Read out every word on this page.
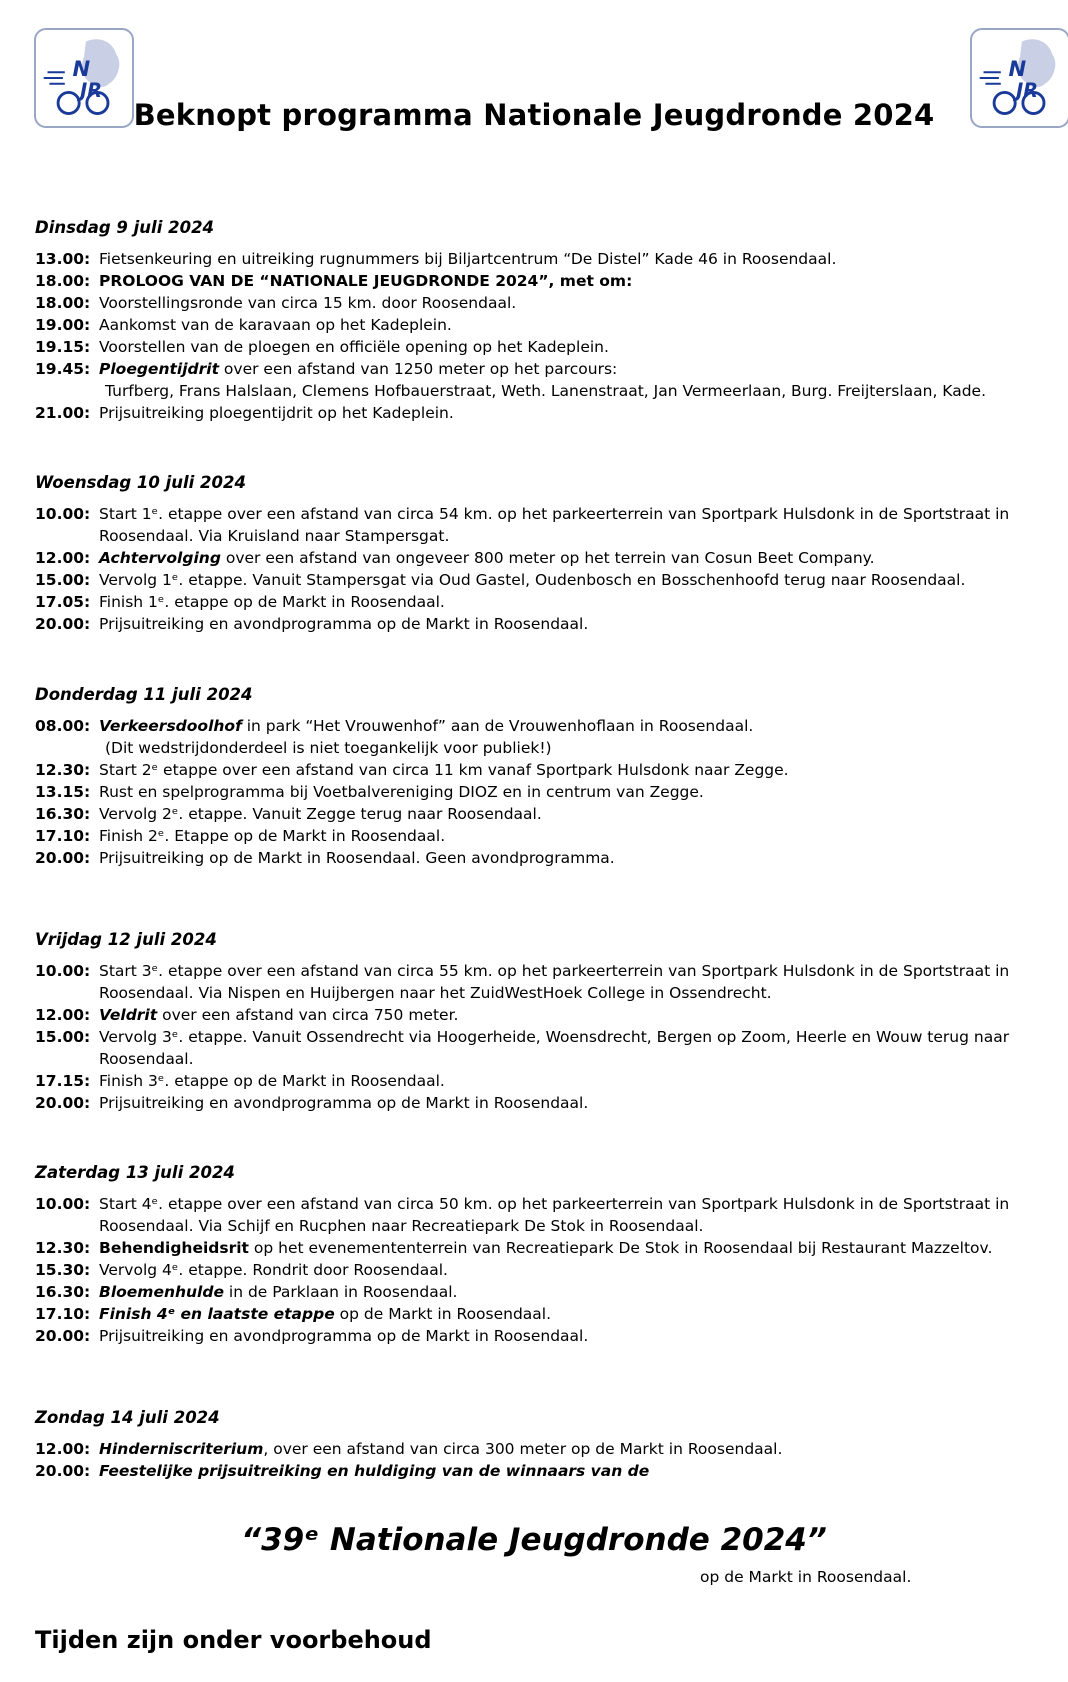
N
JR
N
JR
Beknopt programma Nationale Jeugdronde 2024
Dinsdag 9 juli 2024
13.00: Fietsenkeuring en uitreiking rugnummers bij Biljartcentrum “De Distel” Kade 46 in Roosendaal.
18.00: PROLOOG VAN DE “NATIONALE JEUGDRONDE 2024”, met om:
18.00: Voorstellingsronde van circa 15 km. door Roosendaal.
19.00: Aankomst van de karavaan op het Kadeplein.
19.15: Voorstellen van de ploegen en officiële opening op het Kadeplein.
19.45: Ploegentijdrit over een afstand van 1250 meter op het parcours:
Turfberg, Frans Halslaan, Clemens Hofbauerstraat, Weth. Lanenstraat, Jan Vermeerlaan, Burg. Freijterslaan, Kade.
21.00: Prijsuitreiking ploegentijdrit op het Kadeplein.
Woensdag 10 juli 2024
10.00: Start 1ᵉ. etappe over een afstand van circa 54 km. op het parkeerterrein van Sportpark Hulsdonk in de Sportstraat in
Roosendaal. Via Kruisland naar Stampersgat.
12.00: Achtervolging over een afstand van ongeveer 800 meter op het terrein van Cosun Beet Company.
15.00: Vervolg 1ᵉ. etappe. Vanuit Stampersgat via Oud Gastel, Oudenbosch en Bosschenhoofd terug naar Roosendaal.
17.05: Finish 1ᵉ. etappe op de Markt in Roosendaal.
20.00: Prijsuitreiking en avondprogramma op de Markt in Roosendaal.
Donderdag 11 juli 2024
08.00: Verkeersdoolhof in park “Het Vrouwenhof” aan de Vrouwenhoflaan in Roosendaal.
(Dit wedstrijdonderdeel is niet toegankelijk voor publiek!)
12.30: Start 2ᵉ etappe over een afstand van circa 11 km vanaf Sportpark Hulsdonk naar Zegge.
13.15: Rust en spelprogramma bij Voetbalvereniging DIOZ en in centrum van Zegge.
16.30: Vervolg 2ᵉ. etappe. Vanuit Zegge terug naar Roosendaal.
17.10: Finish 2ᵉ. Etappe op de Markt in Roosendaal.
20.00: Prijsuitreiking op de Markt in Roosendaal. Geen avondprogramma.
Vrijdag 12 juli 2024
10.00: Start 3ᵉ. etappe over een afstand van circa 55 km. op het parkeerterrein van Sportpark Hulsdonk in de Sportstraat in
Roosendaal. Via Nispen en Huijbergen naar het ZuidWestHoek College in Ossendrecht.
12.00: Veldrit over een afstand van circa 750 meter.
15.00: Vervolg 3ᵉ. etappe. Vanuit Ossendrecht via Hoogerheide, Woensdrecht, Bergen op Zoom, Heerle en Wouw terug naar
Roosendaal.
17.15: Finish 3ᵉ. etappe op de Markt in Roosendaal.
20.00: Prijsuitreiking en avondprogramma op de Markt in Roosendaal.
Zaterdag 13 juli 2024
10.00: Start 4ᵉ. etappe over een afstand van circa 50 km. op het parkeerterrein van Sportpark Hulsdonk in de Sportstraat in
Roosendaal. Via Schijf en Rucphen naar Recreatiepark De Stok in Roosendaal.
12.30: Behendigheidsrit op het evenemententerrein van Recreatiepark De Stok in Roosendaal bij Restaurant Mazzeltov.
15.30: Vervolg 4ᵉ. etappe. Rondrit door Roosendaal.
16.30: Bloemenhulde in de Parklaan in Roosendaal.
17.10: Finish 4ᵉ en laatste etappe op de Markt in Roosendaal.
20.00: Prijsuitreiking en avondprogramma op de Markt in Roosendaal.
Zondag 14 juli 2024
12.00: Hinderniscriterium, over een afstand van circa 300 meter op de Markt in Roosendaal.
20.00: Feestelijke prijsuitreiking en huldiging van de winnaars van de
“39ᵉ Nationale Jeugdronde 2024”
op de Markt in Roosendaal.
Tijden zijn onder voorbehoud
